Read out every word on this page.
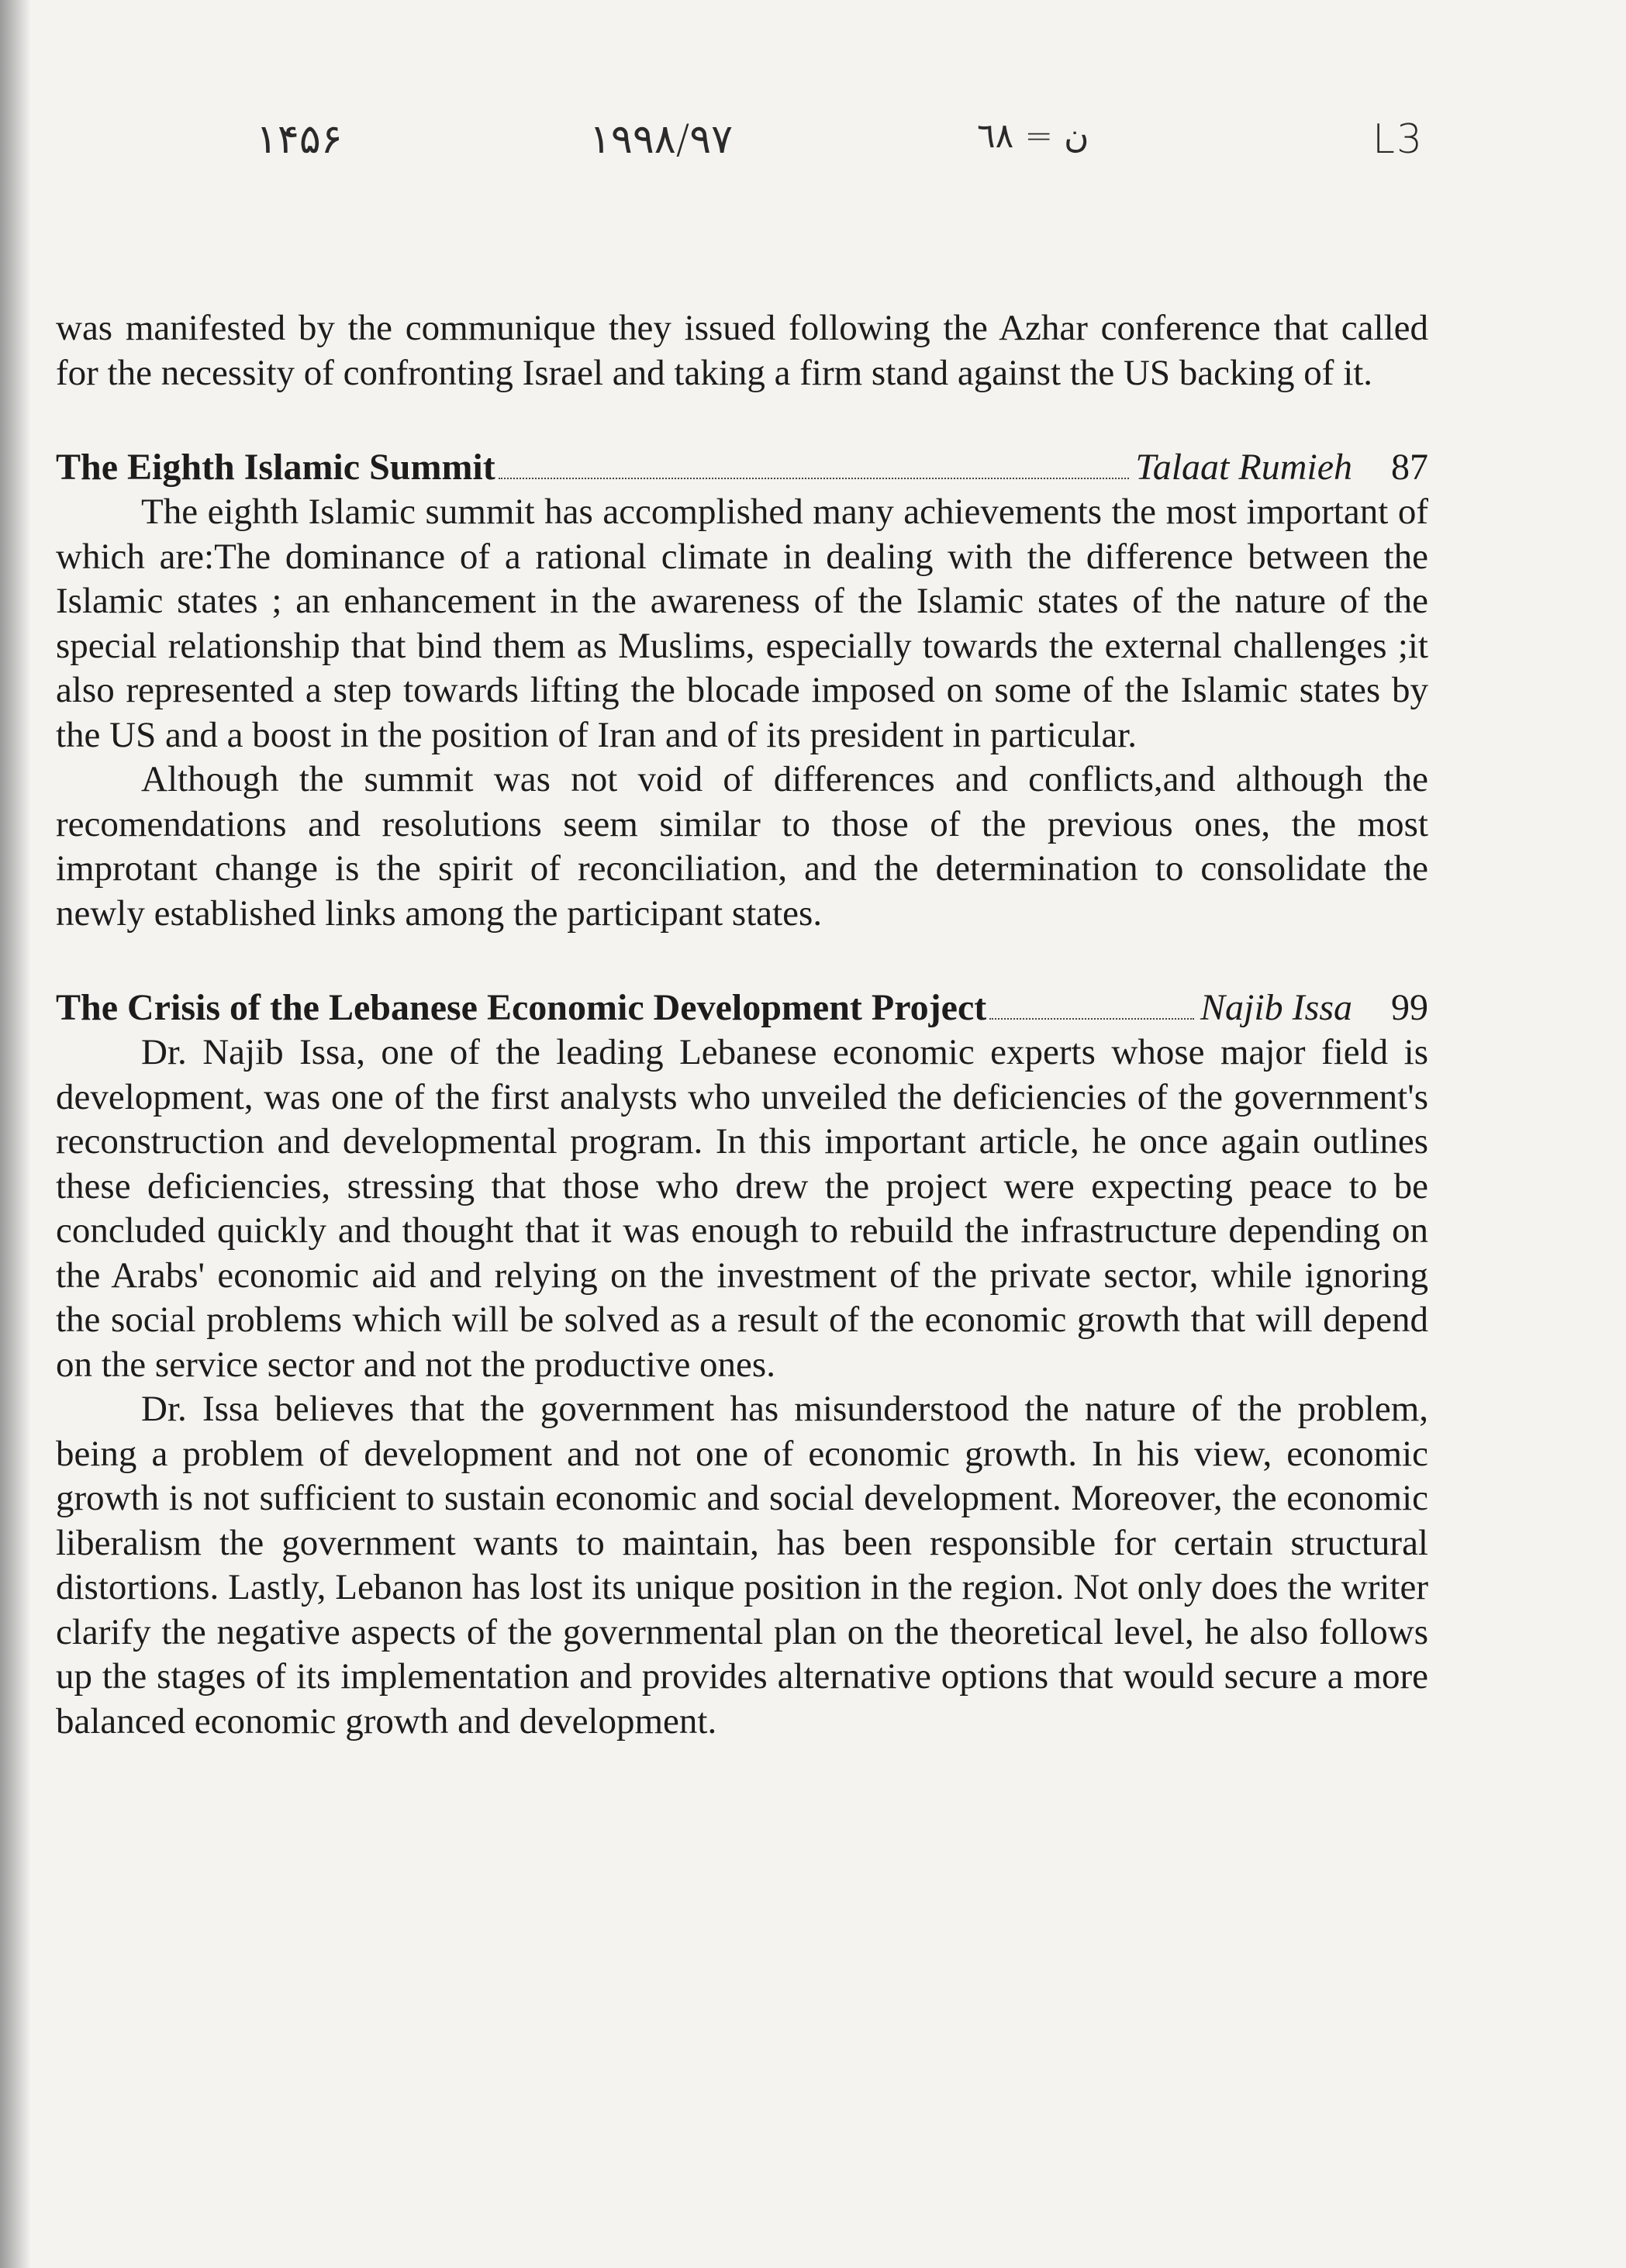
١۴۵۶	١٩٩٨/٩٧	ن = ٦٨	L3

was manifested by the communique they issued following the Azhar conference that called for the necessity of confronting Israel and taking a firm stand against the US backing of it.

The Eighth Islamic Summit	Talaat Rumieh 87

The eighth Islamic summit has accomplished many achievements the most important of which are:The dominance of a rational climate in dealing with the difference between the Islamic states ; an enhancement in the awareness of the Islamic states of the nature of the special relationship that bind them as Muslims, especially towards the external challenges ;it also represented a step towards lifting the blocade imposed on some of the Islamic states by the US and a boost in the position of Iran and of its president in particular.

Although the summit was not void of differences and conflicts,and although the recomendations and resolutions seem similar to those of the previous ones, the most improtant change is the spirit of reconciliation, and the determination to consolidate the newly established links among the participant states.

The Crisis of the Lebanese Economic Development Project	Najib Issa 99

Dr. Najib Issa, one of the leading Lebanese economic experts whose major field is development, was one of the first analysts who unveiled the deficiencies of the government's reconstruction and developmental program. In this important article, he once again outlines these deficiencies, stressing that those who drew the project were expecting peace to be concluded quickly and thought that it was enough to rebuild the infrastructure depending on the Arabs' economic aid and relying on the investment of the private sector, while ignoring the social problems which will be solved as a result of the economic growth that will depend on the service sector and not the productive ones.

Dr. Issa believes that the government has misunderstood the nature of the problem, being a problem of development and not one of economic growth. In his view, economic growth is not sufficient to sustain economic and social development. Moreover, the economic liberalism the government wants to maintain, has been responsible for certain structural distortions. Lastly, Lebanon has lost its unique position in the region. Not only does the writer clarify the negative aspects of the governmental plan on the theoretical level, he also follows up the stages of its implementation and provides alternative options that would secure a more balanced economic growth and development.
